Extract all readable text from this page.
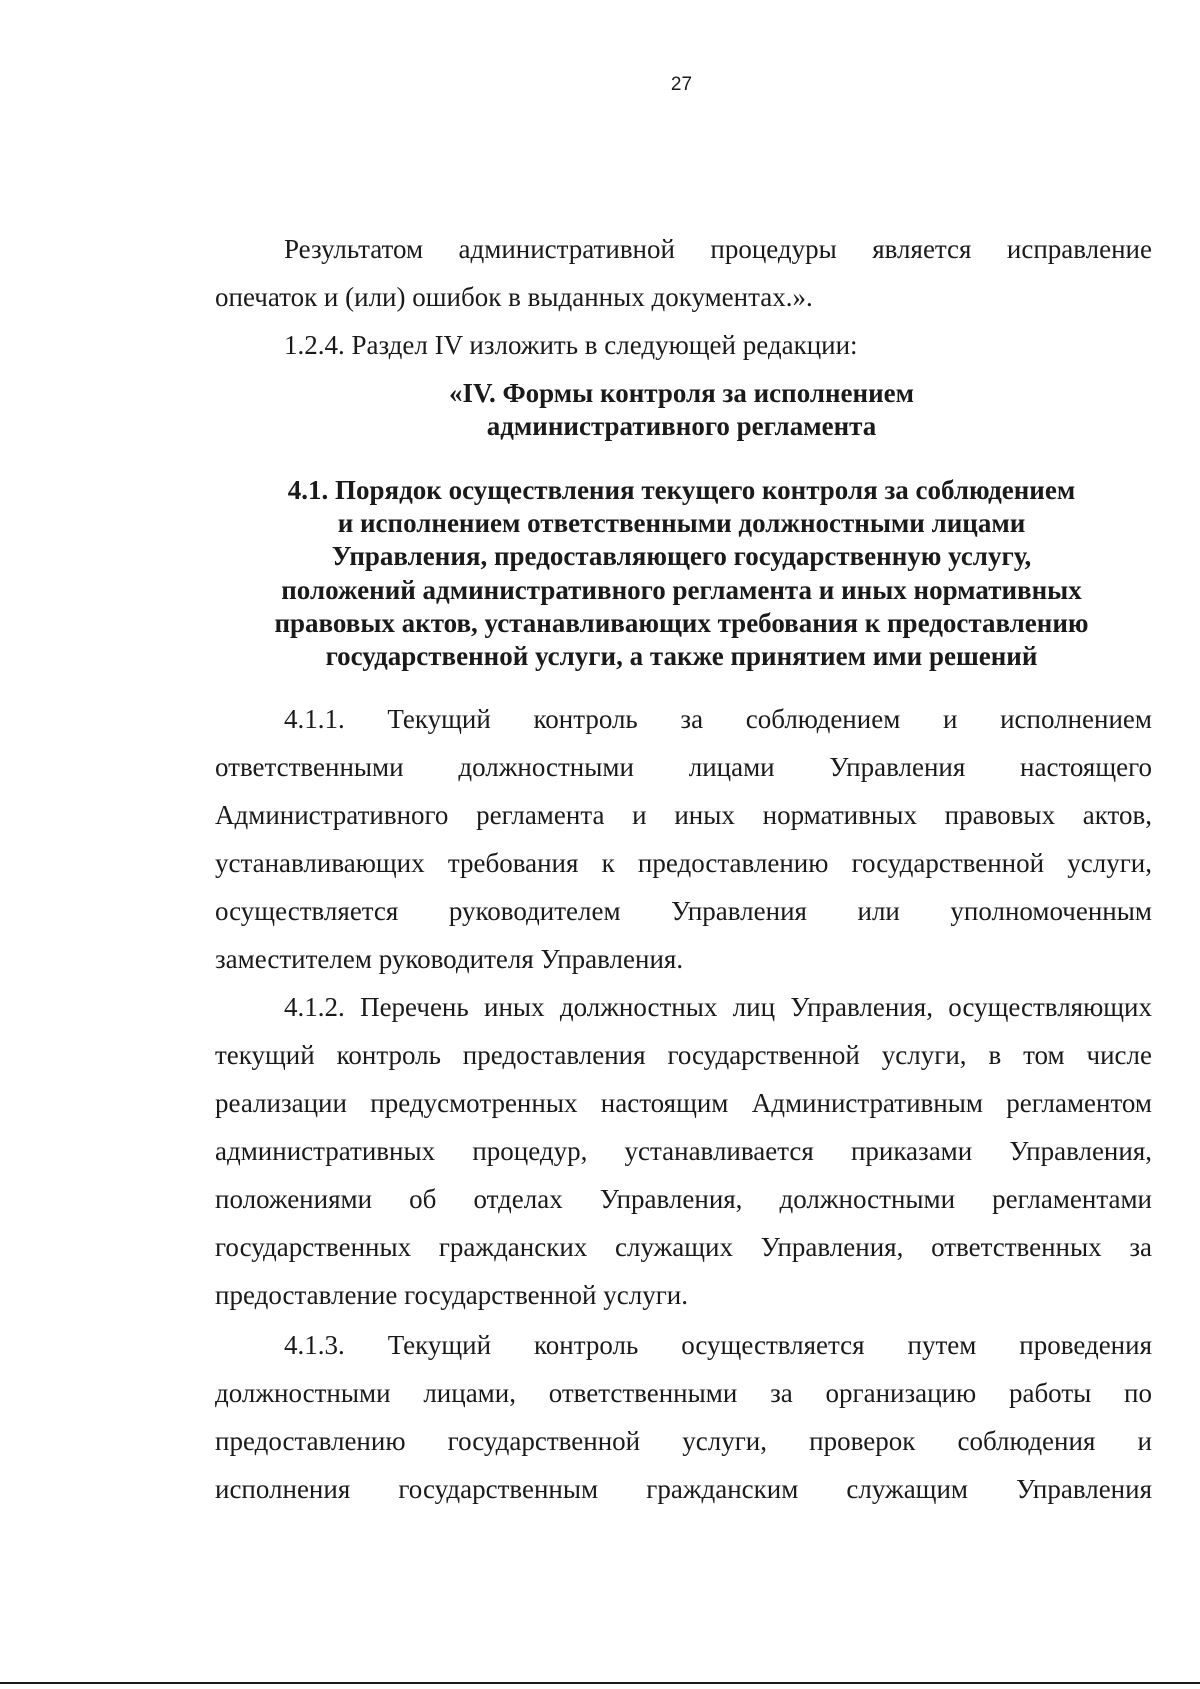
27
Результатом административной процедуры является исправление
опечаток и (или) ошибок в выданных документах.».
1.2.4. Раздел IV изложить в следующей редакции:
«IV. Формы контроля за исполнением
административного регламента
4.1. Порядок осуществления текущего контроля за соблюдением
и исполнением ответственными должностными лицами
Управления, предоставляющего государственную услугу,
положений административного регламента и иных нормативных
правовых актов, устанавливающих требования к предоставлению
государственной услуги, а также принятием ими решений
4.1.1. Текущий контроль за соблюдением и исполнением
ответственными должностными лицами Управления настоящего
Административного регламента и иных нормативных правовых актов,
устанавливающих требования к предоставлению государственной услуги,
осуществляется руководителем Управления или уполномоченным
заместителем руководителя Управления.
4.1.2. Перечень иных должностных лиц Управления, осуществляющих
текущий контроль предоставления государственной услуги, в том числе
реализации предусмотренных настоящим Административным регламентом
административных процедур, устанавливается приказами Управления,
положениями об отделах Управления, должностными регламентами
государственных гражданских служащих Управления, ответственных за
предоставление государственной услуги.
4.1.3. Текущий контроль осуществляется путем проведения
должностными лицами, ответственными за организацию работы по
предоставлению государственной услуги, проверок соблюдения и
исполнения государственным гражданским служащим Управления
